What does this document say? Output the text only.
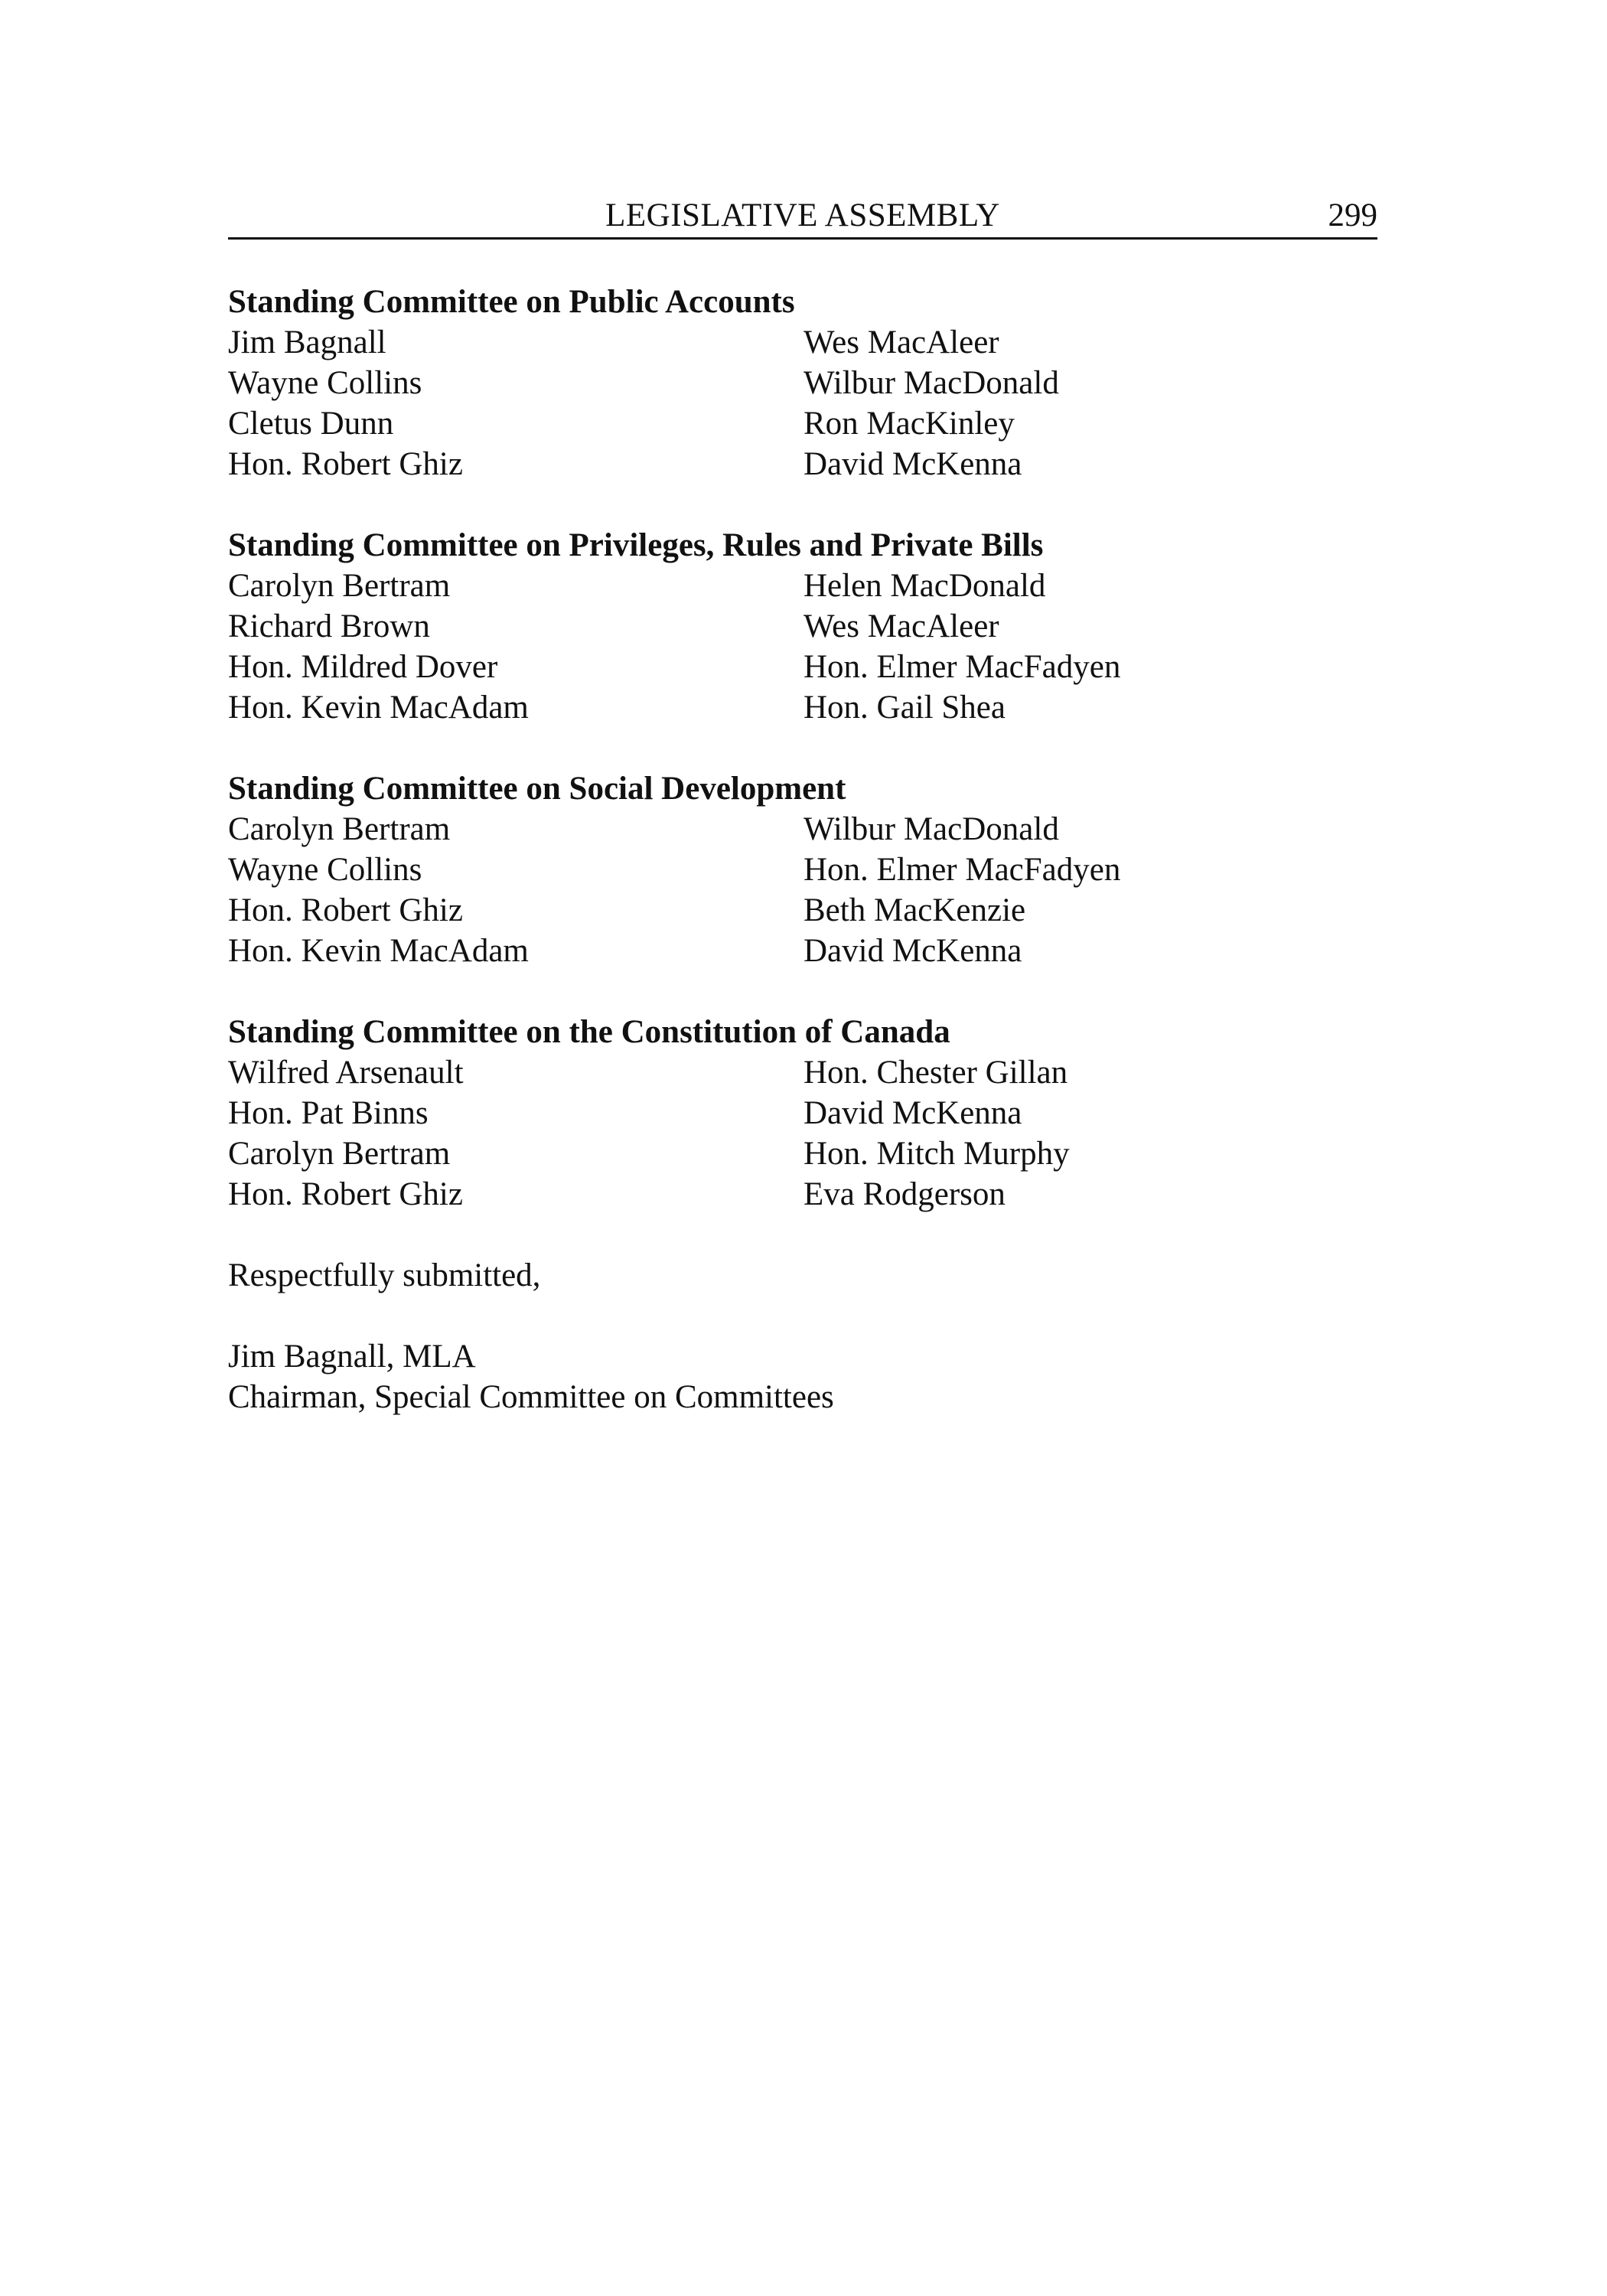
LEGISLATIVE ASSEMBLY	299
Standing Committee on Public Accounts
Jim Bagnall	Wes MacAleer
Wayne Collins	Wilbur MacDonald
Cletus Dunn	Ron MacKinley
Hon. Robert Ghiz	David McKenna
Standing Committee on Privileges, Rules and Private Bills
Carolyn Bertram	Helen MacDonald
Richard Brown	Wes MacAleer
Hon. Mildred Dover	Hon. Elmer MacFadyen
Hon. Kevin MacAdam	Hon. Gail Shea
Standing Committee on Social Development
Carolyn Bertram	Wilbur MacDonald
Wayne Collins	Hon. Elmer MacFadyen
Hon. Robert Ghiz	Beth MacKenzie
Hon. Kevin MacAdam	David McKenna
Standing Committee on the Constitution of Canada
Wilfred Arsenault	Hon. Chester Gillan
Hon. Pat Binns	David McKenna
Carolyn Bertram	Hon. Mitch Murphy
Hon. Robert Ghiz	Eva Rodgerson
Respectfully submitted,
Jim Bagnall, MLA
Chairman, Special Committee on Committees
